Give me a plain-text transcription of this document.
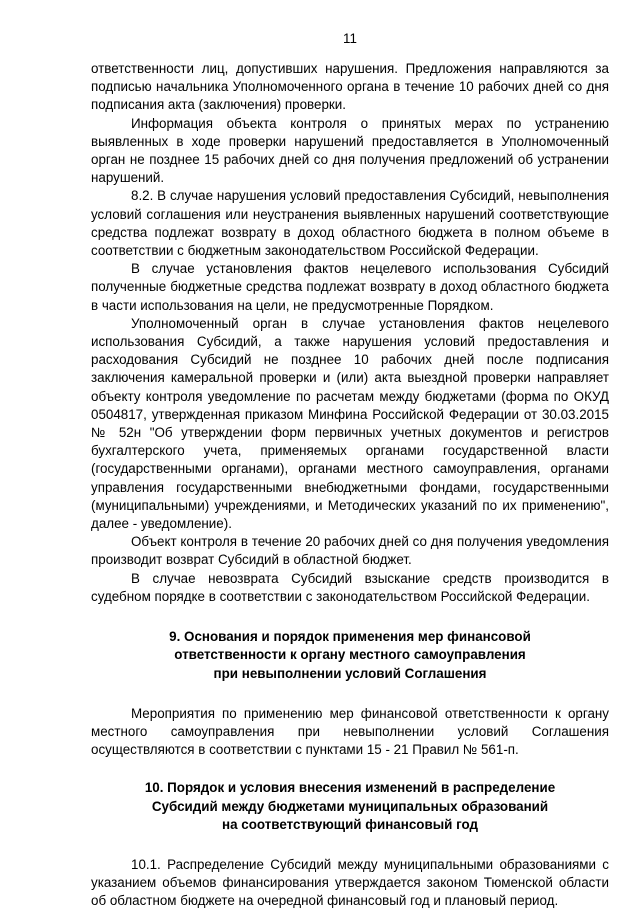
11

ответственности лиц, допустивших нарушения. Предложения направляются за подписью начальника Уполномоченного органа в течение 10 рабочих дней со дня подписания акта (заключения) проверки.

Информация объекта контроля о принятых мерах по устранению выявленных в ходе проверки нарушений предоставляется в Уполномоченный орган не позднее 15 рабочих дней со дня получения предложений об устранении нарушений.

8.2. В случае нарушения условий предоставления Субсидий, невыполнения условий соглашения или неустранения выявленных нарушений соответствующие средства подлежат возврату в доход областного бюджета в полном объеме в соответствии с бюджетным законодательством Российской Федерации.

В случае установления фактов нецелевого использования Субсидий полученные бюджетные средства подлежат возврату в доход областного бюджета в части использования на цели, не предусмотренные Порядком.

Уполномоченный орган в случае установления фактов нецелевого использования Субсидий, а также нарушения условий предоставления и расходования Субсидий не позднее 10 рабочих дней после подписания заключения камеральной проверки и (или) акта выездной проверки направляет объекту контроля уведомление по расчетам между бюджетами (форма по ОКУД 0504817, утвержденная приказом Минфина Российской Федерации от 30.03.2015 № 52н "Об утверждении форм первичных учетных документов и регистров бухгалтерского учета, применяемых органами государственной власти (государственными органами), органами местного самоуправления, органами управления государственными внебюджетными фондами, государственными (муниципальными) учреждениями, и Методических указаний по их применению", далее - уведомление).

Объект контроля в течение 20 рабочих дней со дня получения уведомления производит возврат Субсидий в областной бюджет.

В случае невозврата Субсидий взыскание средств производится в судебном порядке в соответствии с законодательством Российской Федерации.

9. Основания и порядок применения мер финансовой

ответственности к органу местного самоуправления

при невыполнении условий Соглашения

Мероприятия по применению мер финансовой ответственности к органу местного самоуправления при невыполнении условий Соглашения осуществляются в соответствии с пунктами 15 - 21 Правил № 561-п.

10. Порядок и условия внесения изменений в распределение

Субсидий между бюджетами муниципальных образований

на соответствующий финансовый год

10.1. Распределение Субсидий между муниципальными образованиями с указанием объемов финансирования утверждается законом Тюменской области об областном бюджете на очередной финансовый год и плановый период.
